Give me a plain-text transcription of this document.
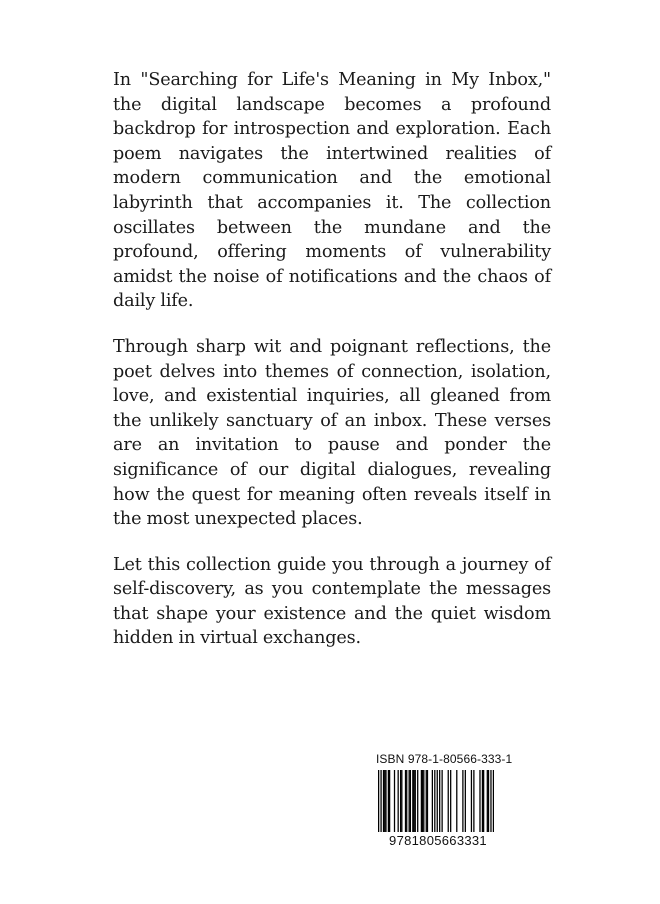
In "Searching for Life's Meaning in My Inbox," the digital landscape becomes a profound backdrop for introspection and exploration. Each poem navigates the intertwined realities of modern communication and the emotional labyrinth that accompanies it. The collection oscillates between the mundane and the profound, offering moments of vulnerability amidst the noise of notifications and the chaos of daily life.

Through sharp wit and poignant reflections, the poet delves into themes of connection, isolation, love, and existential inquiries, all gleaned from the unlikely sanctuary of an inbox. These verses are an invitation to pause and ponder the significance of our digital dialogues, revealing how the quest for meaning often reveals itself in the most unexpected places.

Let this collection guide you through a journey of self-discovery, as you contemplate the messages that shape your existence and the quiet wisdom hidden in virtual exchanges.

ISBN 978-1-80566-333-1
9781805663331
